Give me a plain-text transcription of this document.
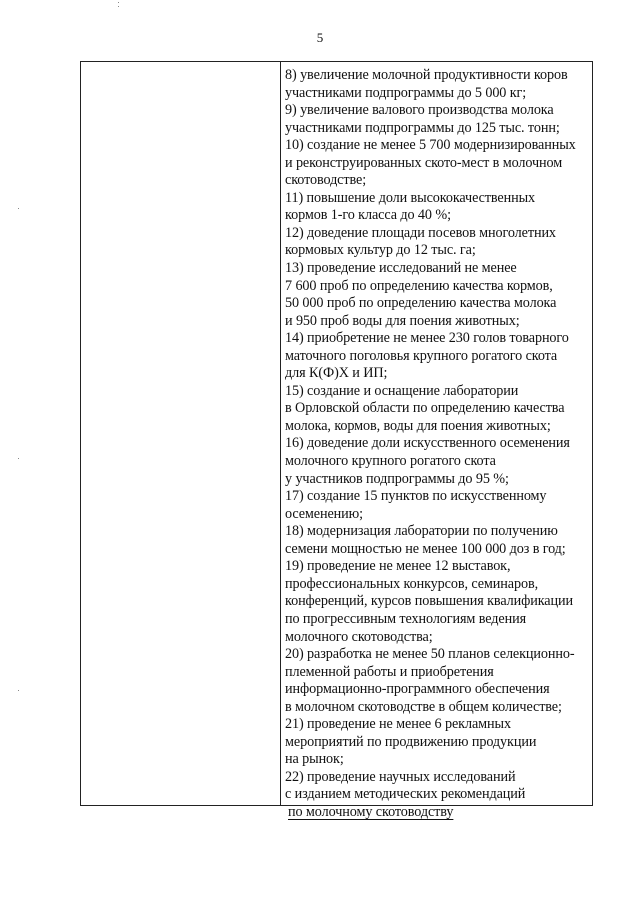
5
8) увеличение молочной продуктивности коров
участниками подпрограммы до 5 000 кг;
9) увеличение валового производства молока
участниками подпрограммы до 125 тыс. тонн;
10) создание не менее 5 700 модернизированных
и реконструированных ското-мест в молочном
скотоводстве;
11) повышение доли высококачественных
кормов 1-го класса до 40 %;
12) доведение площади посевов многолетних
кормовых культур до 12 тыс. га;
13) проведение исследований не менее
7 600 проб по определению качества кормов,
50 000 проб по определению качества молока
и 950 проб воды для поения животных;
14) приобретение не менее 230 голов товарного
маточного поголовья крупного рогатого скота
для К(Ф)Х и ИП;
15) создание и оснащение лаборатории
в Орловской области по определению качества
молока, кормов, воды для поения животных;
16) доведение доли искусственного осеменения
молочного крупного рогатого скота
у участников подпрограммы до 95 %;
17) создание 15 пунктов по искусственному
осеменению;
18) модернизация лаборатории по получению
семени мощностью не менее 100 000 доз в год;
19) проведение не менее 12 выставок,
профессиональных конкурсов, семинаров,
конференций, курсов повышения квалификации
по прогрессивным технологиям ведения
молочного скотоводства;
20) разработка не менее 50 планов селекционно-
племенной работы и приобретения
информационно-программного обеспечения
в молочном скотоводстве в общем количестве;
21) проведение не менее 6 рекламных
мероприятий по продвижению продукции
на рынок;
22) проведение научных исследований
с изданием методических рекомендаций
по молочному скотоводству
